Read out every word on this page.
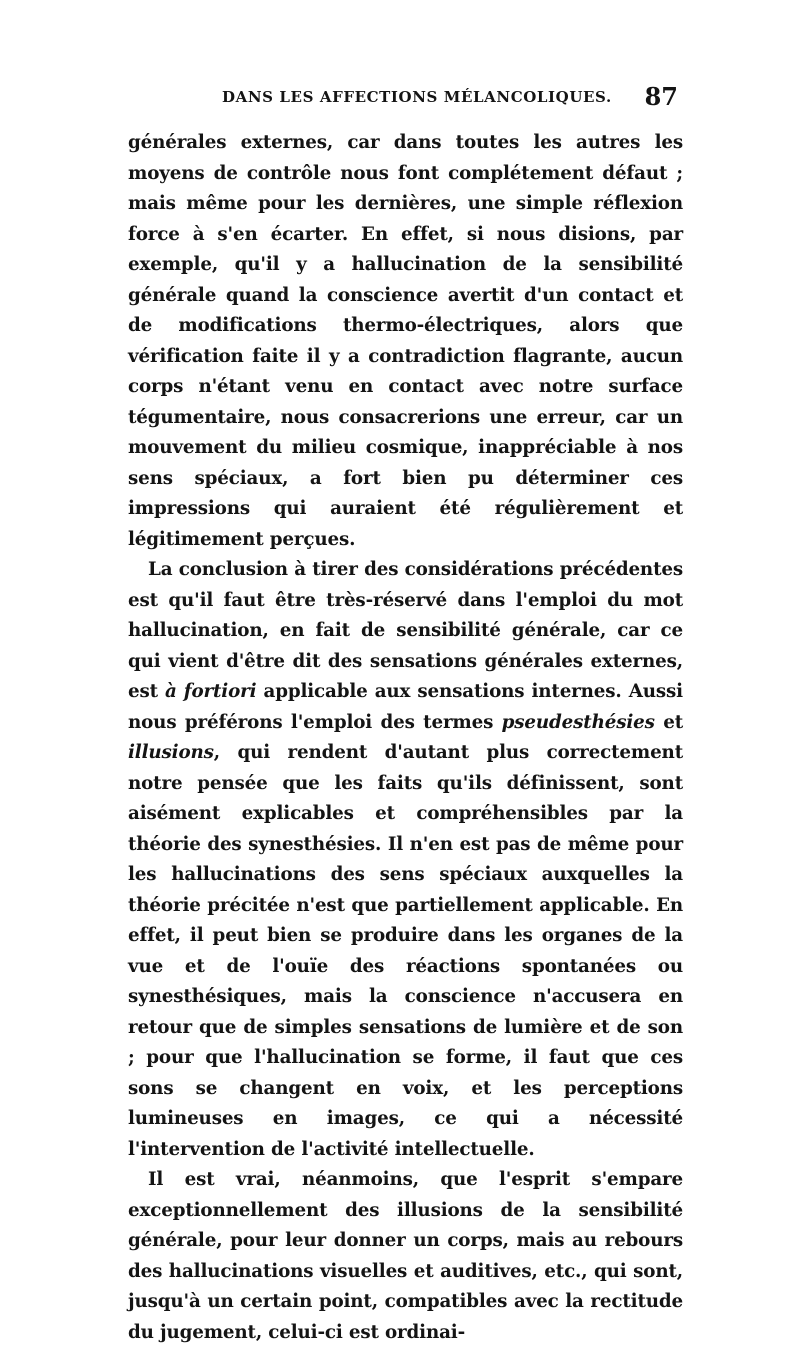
DANS LES AFFECTIONS MÉLANCOLIQUES. 87

générales externes, car dans toutes les autres les moyens de contrôle nous font complétement défaut ; mais même pour les dernières, une simple réflexion force à s'en écarter. En effet, si nous disions, par exemple, qu'il y a hallucination de la sensibilité générale quand la conscience avertit d'un contact et de modifications thermo-électriques, alors que vérification faite il y a contradiction flagrante, aucun corps n'étant venu en contact avec notre surface tégumentaire, nous consacrerions une erreur, car un mouvement du milieu cosmique, inappréciable à nos sens spéciaux, a fort bien pu déterminer ces impressions qui auraient été régulièrement et légitimement perçues.

La conclusion à tirer des considérations précédentes est qu'il faut être très-réservé dans l'emploi du mot hallucination, en fait de sensibilité générale, car ce qui vient d'être dit des sensations générales externes, est à fortiori applicable aux sensations internes. Aussi nous préférons l'emploi des termes pseudesthésies et illusions, qui rendent d'autant plus correctement notre pensée que les faits qu'ils définissent, sont aisément explicables et compréhensibles par la théorie des synesthésies. Il n'en est pas de même pour les hallucinations des sens spéciaux auxquelles la théorie précitée n'est que partiellement applicable. En effet, il peut bien se produire dans les organes de la vue et de l'ouïe des réactions spontanées ou synesthésiques, mais la conscience n'accusera en retour que de simples sensations de lumière et de son ; pour que l'hallucination se forme, il faut que ces sons se changent en voix, et les perceptions lumineuses en images, ce qui a nécessité l'intervention de l'activité intellectuelle.

Il est vrai, néanmoins, que l'esprit s'empare exceptionnellement des illusions de la sensibilité générale, pour leur donner un corps, mais au rebours des hallucinations visuelles et auditives, etc., qui sont, jusqu'à un certain point, compatibles avec la rectitude du jugement, celui-ci est ordinai-
